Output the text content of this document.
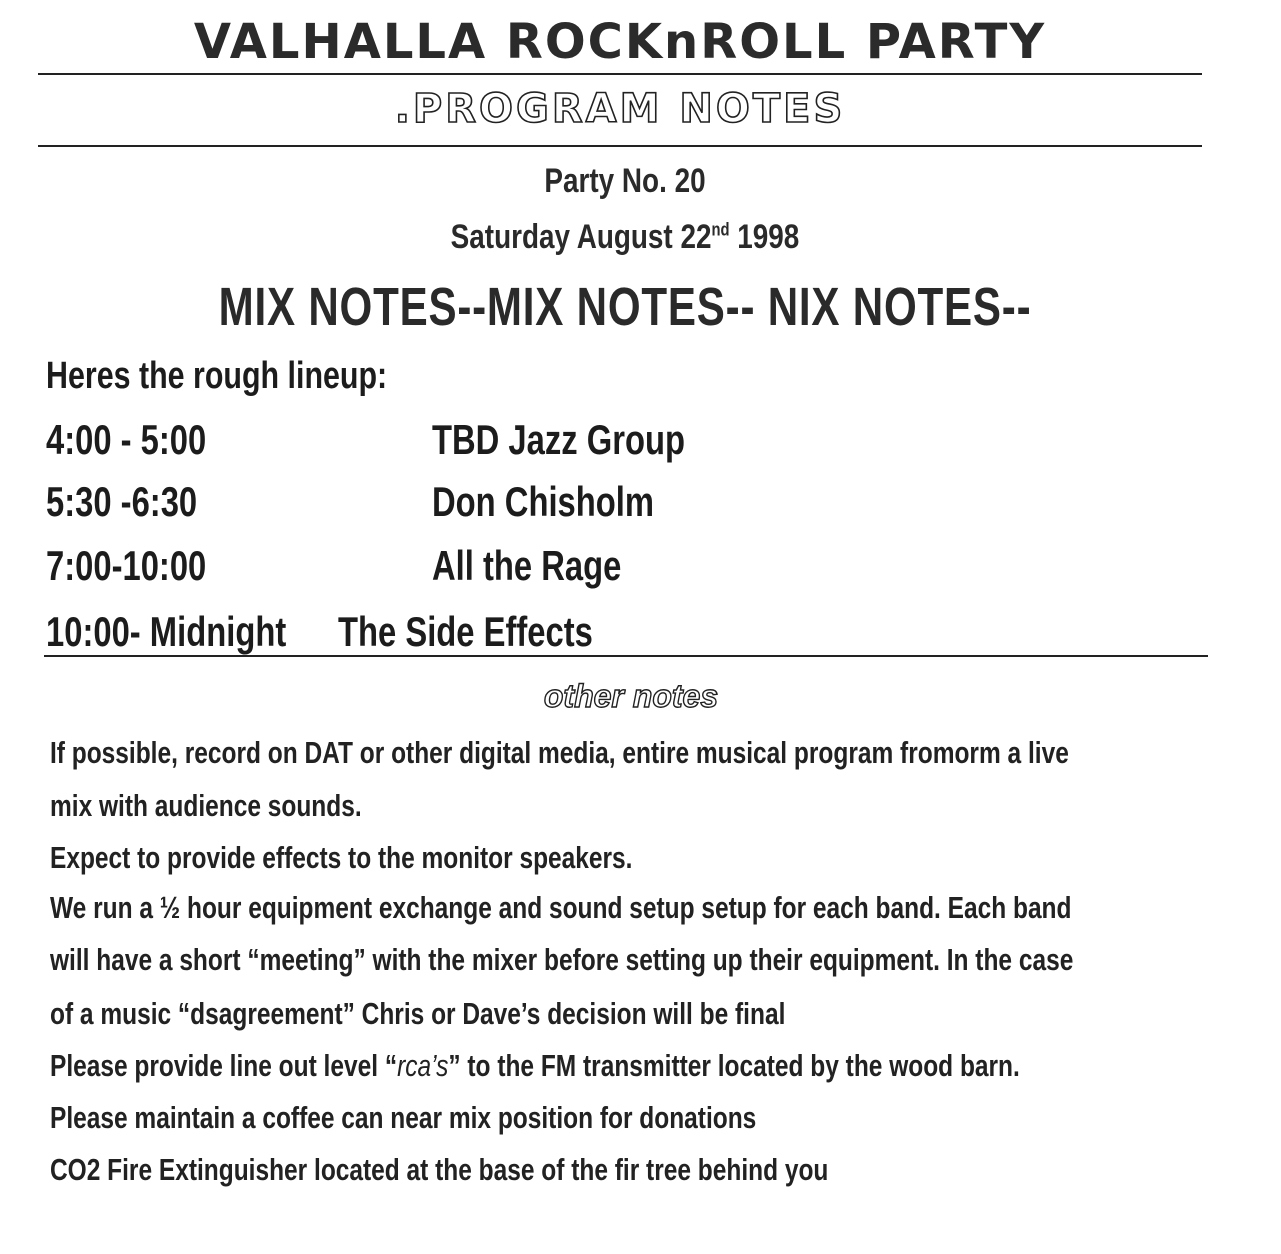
VALHALLA ROCKnROLL PARTY
.PROGRAM NOTES
Party No. 20
Saturday August 22nd 1998
MIX NOTES--MIX NOTES-- NIX NOTES--
Heres the rough lineup:
4:00 - 5:00	TBD Jazz Group
5:30 -6:30	Don Chisholm
7:00-10:00	All the Rage
10:00- Midnight The Side Effects
other notes
If possible, record on DAT or other digital media, entire musical program fromorm a live
mix with audience sounds.
Expect to provide effects to the monitor speakers.
We run a ½ hour equipment exchange and sound setup setup for each band. Each band
will have a short “meeting” with the mixer before setting up their equipment. In the case
of a music “dsagreement” Chris or Dave’s decision will be final
Please provide line out level “rca’s” to the FM transmitter located by the wood barn.
Please maintain a coffee can near mix position for donations
CO2 Fire Extinguisher located at the base of the fir tree behind you
